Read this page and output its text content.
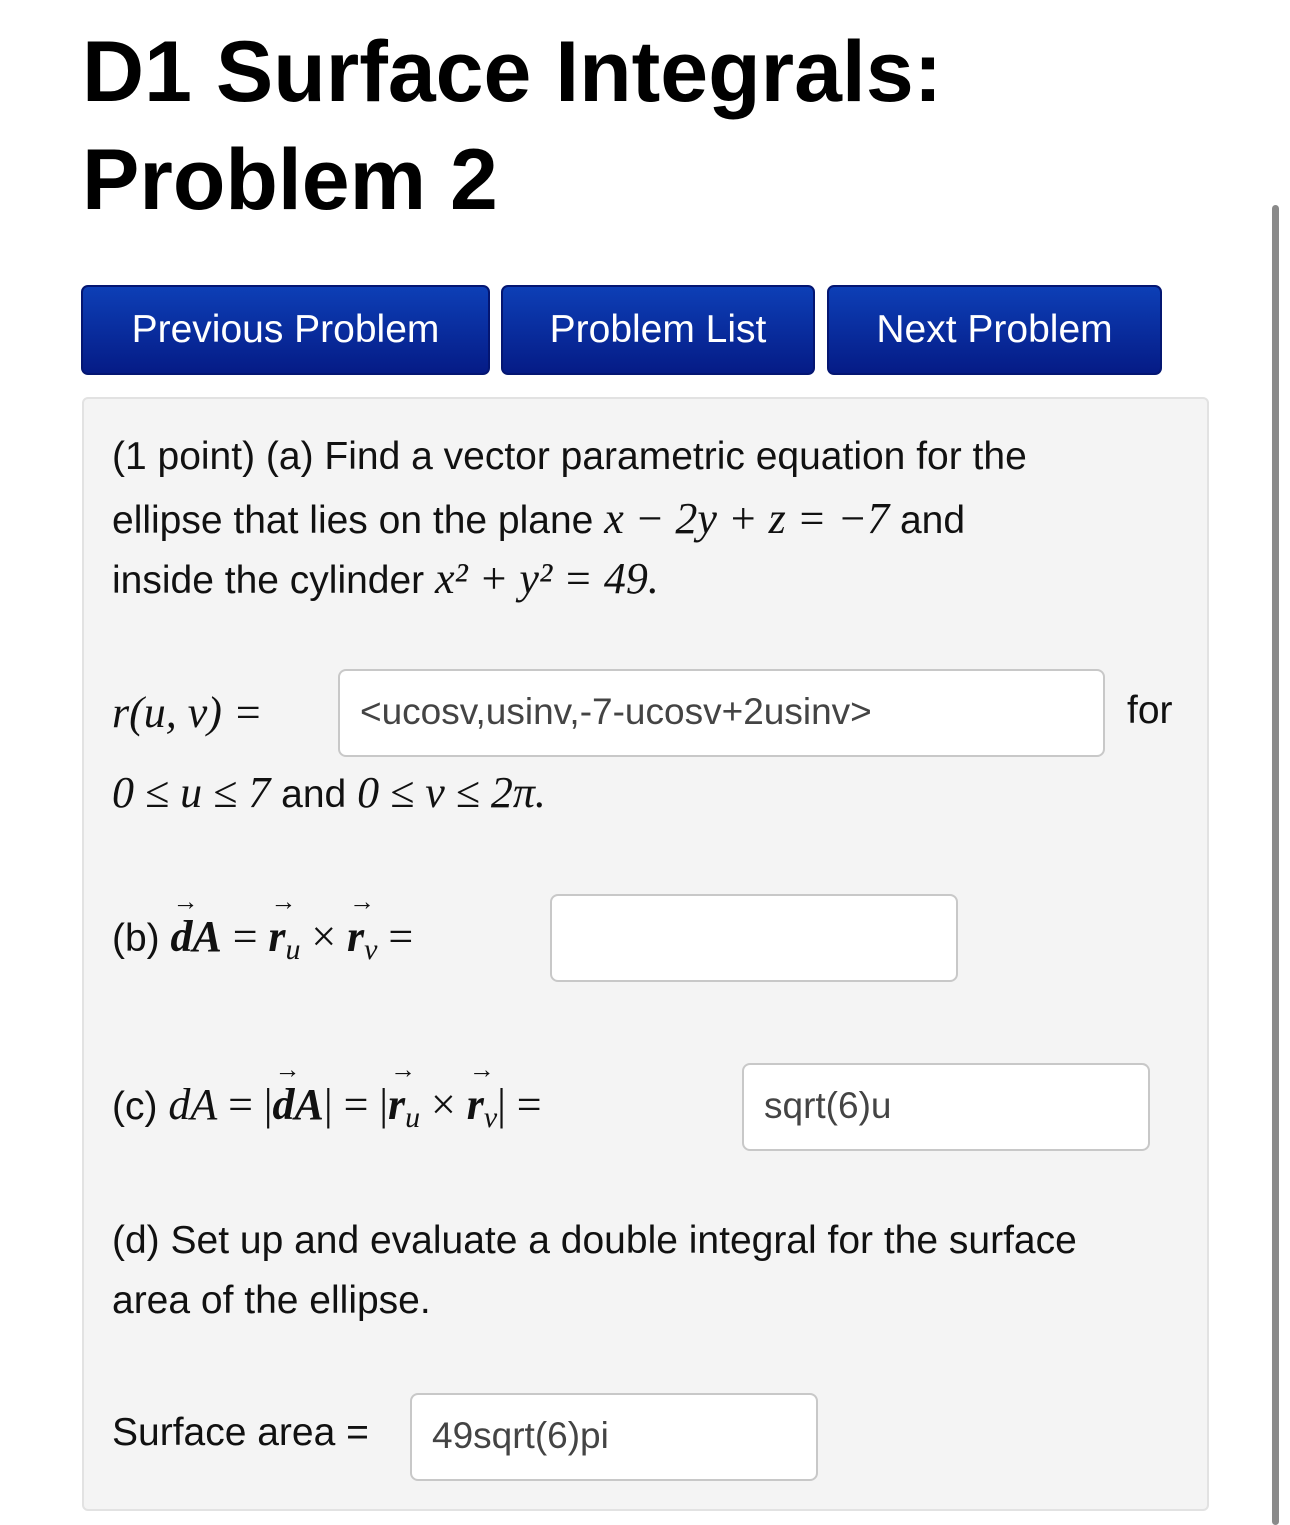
D1 Surface Integrals:
Problem 2
Previous Problem	Problem List	Next Problem
(1 point) (a) Find a vector parametric equation for the
ellipse that lies on the plane x − 2y + z = −7 and
inside the cylinder x² + y² = 49.
r(u, v) =	<ucosv,usinv,-7-ucosv+2usinv>	for
0 ≤ u ≤ 7 and 0 ≤ v ≤ 2π.
(b) dA → = $r \to_u \times r \to_v$ =
(c) dA = |dA →| = $|r \to_u \times r \to_v|$ =	sqrt(6)u
(d) Set up and evaluate a double integral for the surface
area of the ellipse.
Surface area =	49sqrt(6)pi
